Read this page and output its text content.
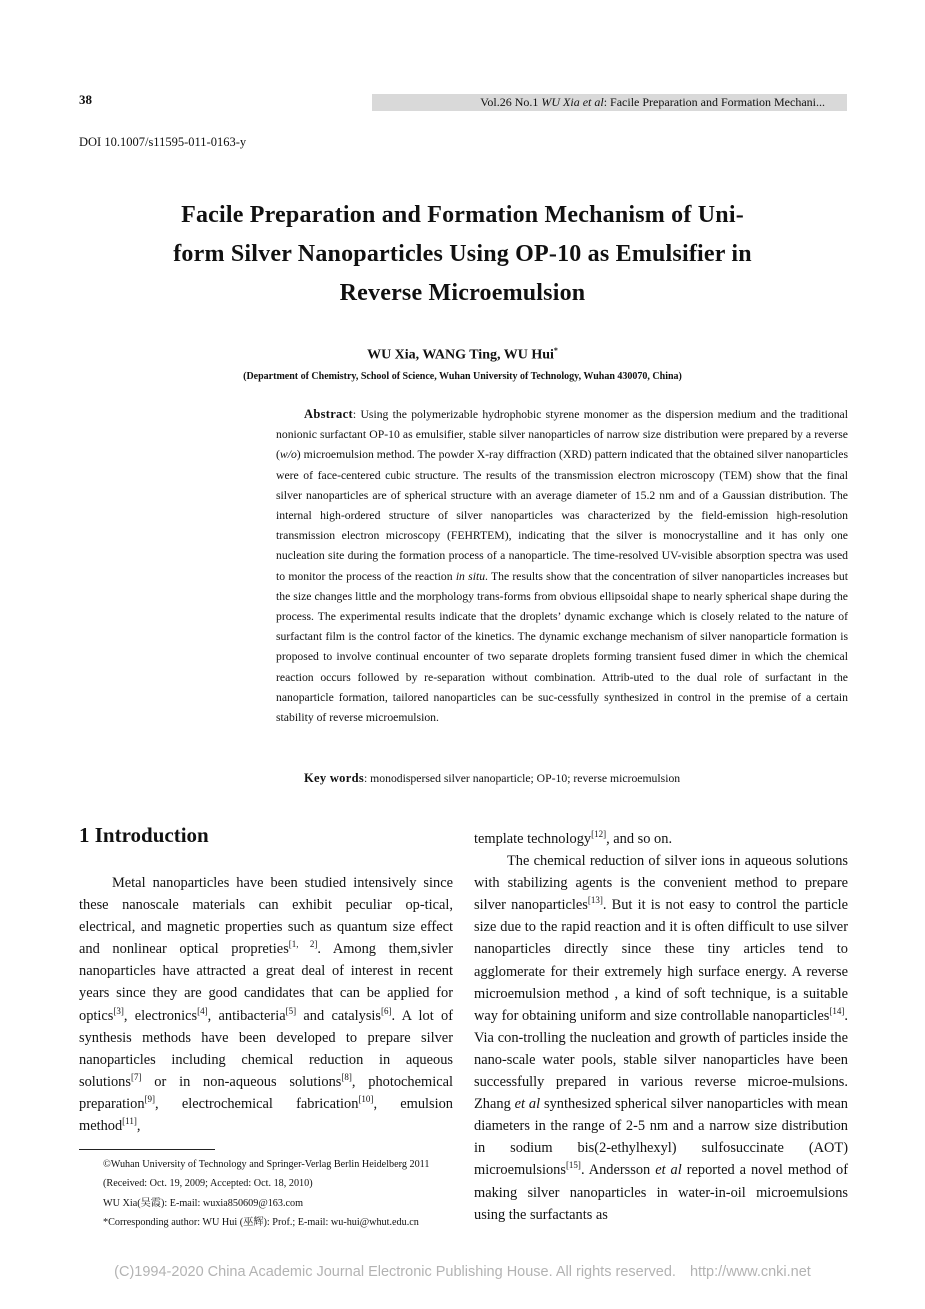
38	Vol.26 No.1 WU Xia et al: Facile Preparation and Formation Mechani...
DOI 10.1007/s11595-011-0163-y
Facile Preparation and Formation Mechanism of Uni-
form Silver Nanoparticles Using OP-10 as Emulsifier in
Reverse Microemulsion
WU Xia, WANG Ting, WU Hui*
(Department of Chemistry, School of Science, Wuhan University of Technology, Wuhan 430070, China)
Abstract: Using the polymerizable hydrophobic styrene monomer as the dispersion medium and the traditional nonionic surfactant OP-10 as emulsifier, stable silver nanoparticles of narrow size distribution were prepared by a reverse (w/o) microemulsion method. The powder X-ray diffraction (XRD) pattern indicated that the obtained silver nanoparticles were of face-centered cubic structure. The results of the transmission electron microscopy (TEM) show that the final silver nanoparticles are of spherical structure with an average diameter of 15.2 nm and of a Gaussian distribution. The internal high-ordered structure of silver nanoparticles was characterized by the field-emission high-resolution transmission electron microscopy (FEHRTEM), indicating that the silver is monocrystalline and it has only one nucleation site during the formation process of a nanoparticle. The time-resolved UV-visible absorption spectra was used to monitor the process of the reaction in situ. The results show that the concentration of silver nanoparticles increases but the size changes little and the morphology trans-forms from obvious ellipsoidal shape to nearly spherical shape during the process. The experimental results indicate that the droplets’ dynamic exchange which is closely related to the nature of surfactant film is the control factor of the kinetics. The dynamic exchange mechanism of silver nanoparticle formation is proposed to involve continual encounter of two separate droplets forming transient fused dimer in which the chemical reaction occurs followed by re-separation without combination. Attrib-uted to the dual role of surfactant in the nanoparticle formation, tailored nanoparticles can be suc-cessfully synthesized in control in the premise of a certain stability of reverse microemulsion.
Key words: monodispersed silver nanoparticle; OP-10; reverse microemulsion
1 Introduction

Metal nanoparticles have been studied intensively since these nanoscale materials can exhibit peculiar op-tical, electrical, and magnetic properties such as quantum size effect and nonlinear optical propreties[1, 2]. Among them,sivler nanoparticles have attracted a great deal of interest in recent years since they are good candidates that can be applied for optics[3], electronics[4], antibacteria[5] and catalysis[6]. A lot of synthesis methods have been developed to prepare silver nanoparticles including chemical reduction in aqueous solutions[7] or in non-aqueous solutions[8], photochemical preparation[9], electrochemical fabrication[10], emulsion method[11],

template technology[12], and so on.

The chemical reduction of silver ions in aqueous solutions with stabilizing agents is the convenient method to prepare silver nanoparticles[13]. But it is not easy to control the particle size due to the rapid reaction and it is often difficult to use silver nanoparticles directly since these tiny articles tend to agglomerate for their extremely high surface energy. A reverse microemulsion method , a kind of soft technique, is a suitable way for obtaining uniform and size controllable nanoparticles[14]. Via con-trolling the nucleation and growth of particles inside the nano-scale water pools, stable silver nanoparticles have been successfully prepared in various reverse microe-mulsions. Zhang et al synthesized spherical silver nanoparticles with mean diameters in the range of 2-5 nm and a narrow size distribution in sodium bis(2-ethylhexyl) sulfosuccinate (AOT) microemulsions[15]. Andersson et al reported a novel method of making silver nanoparticles in water-in-oil microemulsions using the surfactants as

©Wuhan University of Technology and Springer-Verlag Berlin Heidelberg 2011
(Received: Oct. 19, 2009; Accepted: Oct. 18, 2010)
WU Xia(吴霞): E-mail: wuxia850609@163.com
*Corresponding author: WU Hui (巫辉): Prof.; E-mail: wu-hui@whut.edu.cn
(C)1994-2020 China Academic Journal Electronic Publishing House. All rights reserved. http://www.cnki.net
